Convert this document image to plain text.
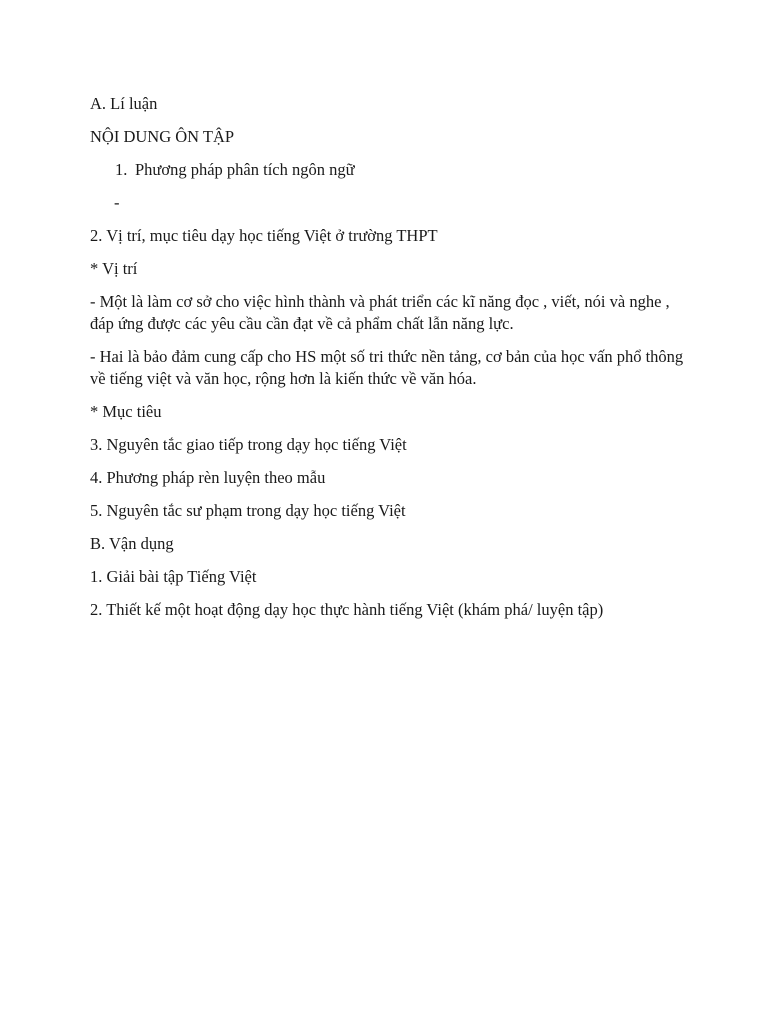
A. Lí luận

NỘI DUNG ÔN TẬP

1. Phương pháp phân tích ngôn ngữ

-

2. Vị trí, mục tiêu dạy học tiếng Việt ở trường THPT

* Vị trí

- Một là làm cơ sở cho việc hình thành và phát triển các kĩ năng đọc , viết, nói và nghe , đáp ứng được các yêu cầu cần đạt về cả phẩm chất lẫn năng lực.

- Hai là bảo đảm cung cấp cho HS một số tri thức nền tảng, cơ bản của học vấn phổ thông về tiếng việt và văn học, rộng hơn là kiến thức về văn hóa.

* Mục tiêu

3. Nguyên tắc giao tiếp trong dạy học tiếng Việt

4. Phương pháp rèn luyện theo mẫu

5. Nguyên tắc sư phạm trong dạy học tiếng Việt

B. Vận dụng

1. Giải bài tập Tiếng Việt

2. Thiết kế một hoạt động dạy học thực hành tiếng Việt (khám phá/ luyện tập)
